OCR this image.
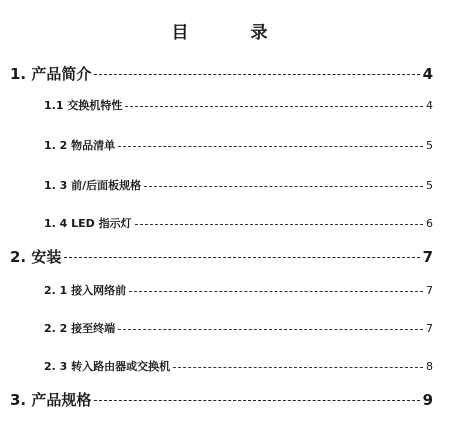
目 录
1. 产品简介	4
1.1 交换机特性	4
1. 2 物品清单	5
1. 3 前/后面板规格	5
1. 4 LED 指示灯	6
2. 安装	7
2. 1 接入网络前	7
2. 2 接至终端	7
2. 3 转入路由器或交换机	8
3. 产品规格	9
